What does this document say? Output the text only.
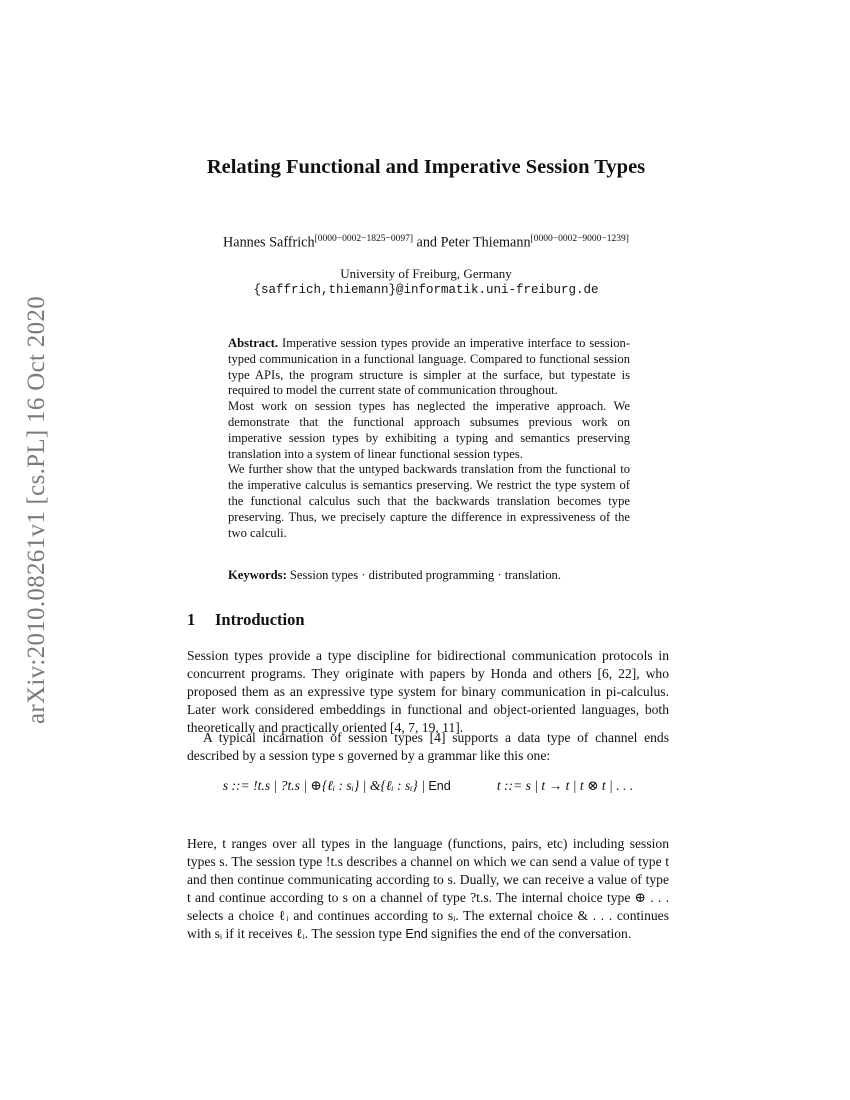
arXiv:2010.08261v1 [cs.PL] 16 Oct 2020
Relating Functional and Imperative Session Types
Hannes Saffrich[0000−0002−1825−0097] and Peter Thiemann[0000−0002−9000−1239]
University of Freiburg, Germany
{saffrich,thiemann}@informatik.uni-freiburg.de

Abstract. Imperative session types provide an imperative interface to session-typed communication in a functional language. Compared to functional session type APIs, the program structure is simpler at the surface, but typestate is required to model the current state of communication throughout.

Most work on session types has neglected the imperative approach. We demonstrate that the functional approach subsumes previous work on imperative session types by exhibiting a typing and semantics preserving translation into a system of linear functional session types.

We further show that the untyped backwards translation from the functional to the imperative calculus is semantics preserving. We restrict the type system of the functional calculus such that the backwards translation becomes type preserving. Thus, we precisely capture the difference in expressiveness of the two calculi.

Keywords: Session types · distributed programming · translation.
1 Introduction

Session types provide a type discipline for bidirectional communication protocols in concurrent programs. They originate with papers by Honda and others [6, 22], who proposed them as an expressive type system for binary communication in pi-calculus. Later work considered embeddings in functional and object-oriented languages, both theoretically and practically oriented [4, 7, 19, 11].

A typical incarnation of session types [4] supports a data type of channel ends described by a session type s governed by a grammar like this one:

s ::= !t.s | ?t.s | ⊕{ℓᵢ : sᵢ} | &{ℓᵢ : sᵢ} | End	t ::= s | t → t | t ⊗ t | . . .

Here, t ranges over all types in the language (functions, pairs, etc) including session types s. The session type !t.s describes a channel on which we can send a value of type t and then continue communicating according to s. Dually, we can receive a value of type t and continue according to s on a channel of type ?t.s. The internal choice type ⊕ . . . selects a choice ℓᵢ and continues according to sᵢ. The external choice & . . . continues with sᵢ if it receives ℓᵢ. The session type End signifies the end of the conversation.
